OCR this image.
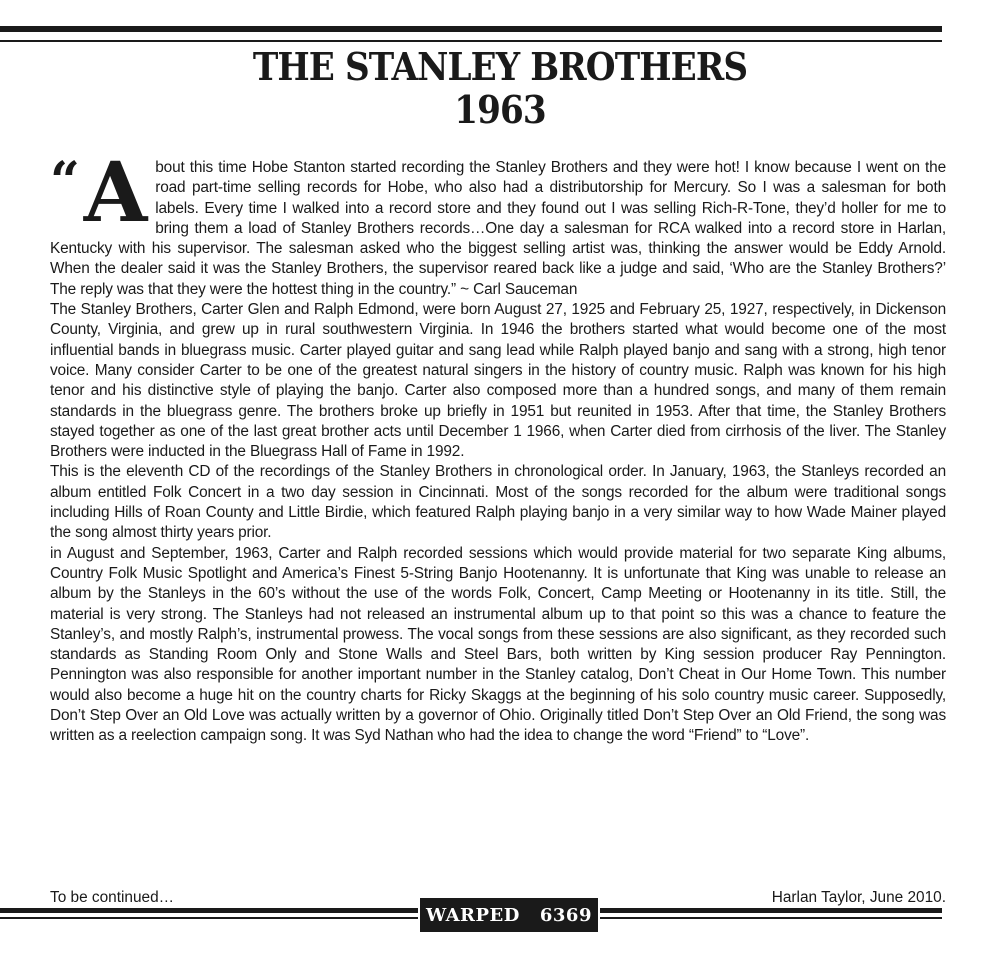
THE STANLEY BROTHERS
1963

“ A bout this time Hobe Stanton started recording the Stanley Brothers and they were hot! I know because I went on the road part-time selling records for Hobe, who also had a distributorship for Mercury. So I was a salesman for both labels. Every time I walked into a record store and they found out I was selling Rich-R-Tone, they’d holler for me to bring them a load of Stanley Brothers records…One day a salesman for RCA walked into a record store in Harlan, Kentucky with his supervisor. The salesman asked who the biggest selling artist was, thinking the answer would be Eddy Arnold. When the dealer said it was the Stanley Brothers, the supervisor reared back like a judge and said, ‘Who are the Stanley Brothers?’ The reply was that they were the hottest thing in the country.” ~ Carl Sauceman

The Stanley Brothers, Carter Glen and Ralph Edmond, were born August 27, 1925 and February 25, 1927, respectively, in Dickenson County, Virginia, and grew up in rural southwestern Virginia. In 1946 the brothers started what would become one of the most influential bands in bluegrass music. Carter played guitar and sang lead while Ralph played banjo and sang with a strong, high tenor voice. Many consider Carter to be one of the greatest natural singers in the history of country music. Ralph was known for his high tenor and his distinctive style of playing the banjo. Carter also composed more than a hundred songs, and many of them remain standards in the bluegrass genre. The brothers broke up briefly in 1951 but reunited in 1953. After that time, the Stanley Brothers stayed together as one of the last great brother acts until December 1 1966, when Carter died from cirrhosis of the liver. The Stanley Brothers were inducted in the Bluegrass Hall of Fame in 1992.

This is the eleventh CD of the recordings of the Stanley Brothers in chronological order. In January, 1963, the Stanleys recorded an album entitled Folk Concert in a two day session in Cincinnati. Most of the songs recorded for the album were traditional songs including Hills of Roan County and Little Birdie, which featured Ralph playing banjo in a very similar way to how Wade Mainer played the song almost thirty years prior.

in August and September, 1963, Carter and Ralph recorded sessions which would provide material for two separate King albums, Country Folk Music Spotlight and America’s Finest 5-String Banjo Hootenanny. It is unfortunate that King was unable to release an album by the Stanleys in the 60’s without the use of the words Folk, Concert, Camp Meeting or Hootenanny in its title. Still, the material is very strong. The Stanleys had not released an instrumental album up to that point so this was a chance to feature the Stanley’s, and mostly Ralph’s, instrumental prowess. The vocal songs from these sessions are also significant, as they recorded such standards as Standing Room Only and Stone Walls and Steel Bars, both written by King session producer Ray Pennington. Pennington was also responsible for another important number in the Stanley catalog, Don’t Cheat in Our Home Town. This number would also become a huge hit on the country charts for Ricky Skaggs at the beginning of his solo country music career. Supposedly, Don’t Step Over an Old Love was actually written by a governor of Ohio. Originally titled Don’t Step Over an Old Friend, the song was written as a reelection campaign song. It was Syd Nathan who had the idea to change the word “Friend” to “Love”.

To be continued…	Harlan Taylor, June 2010.
WARPED 6369
